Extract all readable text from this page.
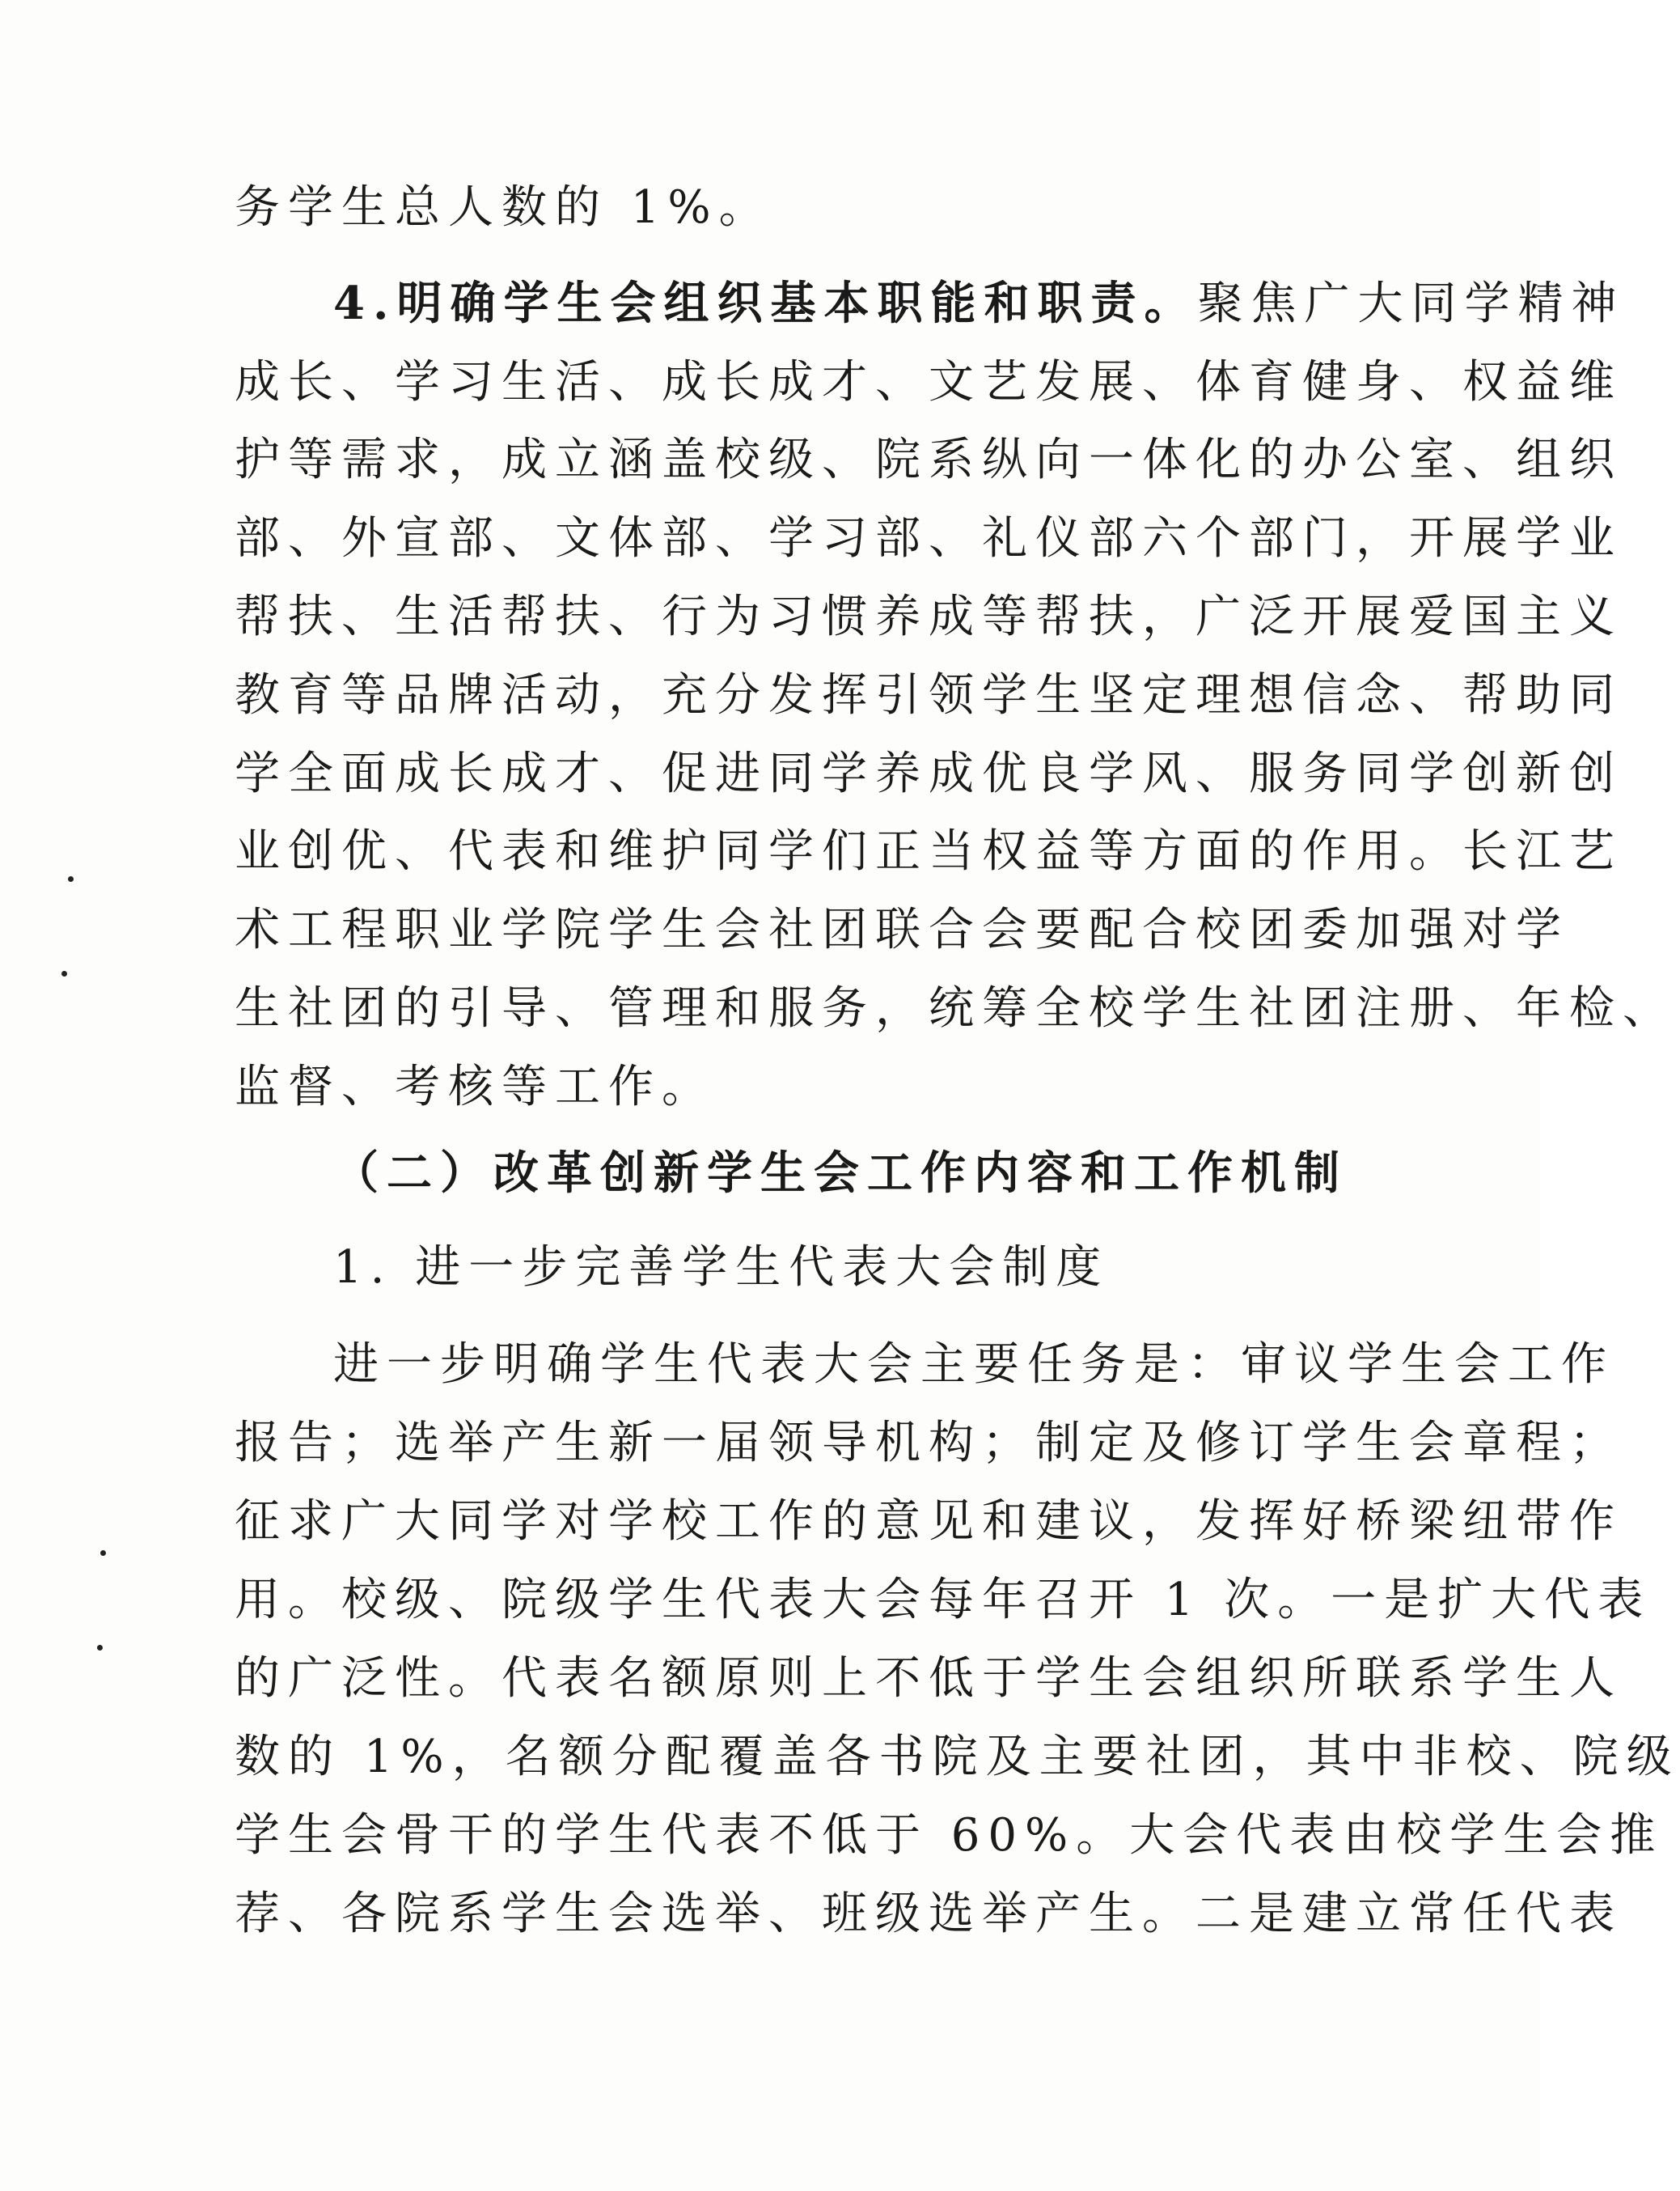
务学生总人数的 1%。
4.明确学生会组织基本职能和职责。聚焦广大同学精神
成长、学习生活、成长成才、文艺发展、体育健身、权益维
护等需求，成立涵盖校级、院系纵向一体化的办公室、组织
部、外宣部、文体部、学习部、礼仪部六个部门，开展学业
帮扶、生活帮扶、行为习惯养成等帮扶，广泛开展爱国主义
教育等品牌活动，充分发挥引领学生坚定理想信念、帮助同
学全面成长成才、促进同学养成优良学风、服务同学创新创
业创优、代表和维护同学们正当权益等方面的作用。长江艺
术工程职业学院学生会社团联合会要配合校团委加强对学
生社团的引导、管理和服务，统筹全校学生社团注册、年检、
监督、考核等工作。
（二）改革创新学生会工作内容和工作机制
1. 进一步完善学生代表大会制度
进一步明确学生代表大会主要任务是：审议学生会工作
报告；选举产生新一届领导机构；制定及修订学生会章程；
征求广大同学对学校工作的意见和建议，发挥好桥梁纽带作
用。校级、院级学生代表大会每年召开 1 次。一是扩大代表
的广泛性。代表名额原则上不低于学生会组织所联系学生人
数的 1%，名额分配覆盖各书院及主要社团，其中非校、院级
学生会骨干的学生代表不低于 60%。大会代表由校学生会推
荐、各院系学生会选举、班级选举产生。二是建立常任代表
